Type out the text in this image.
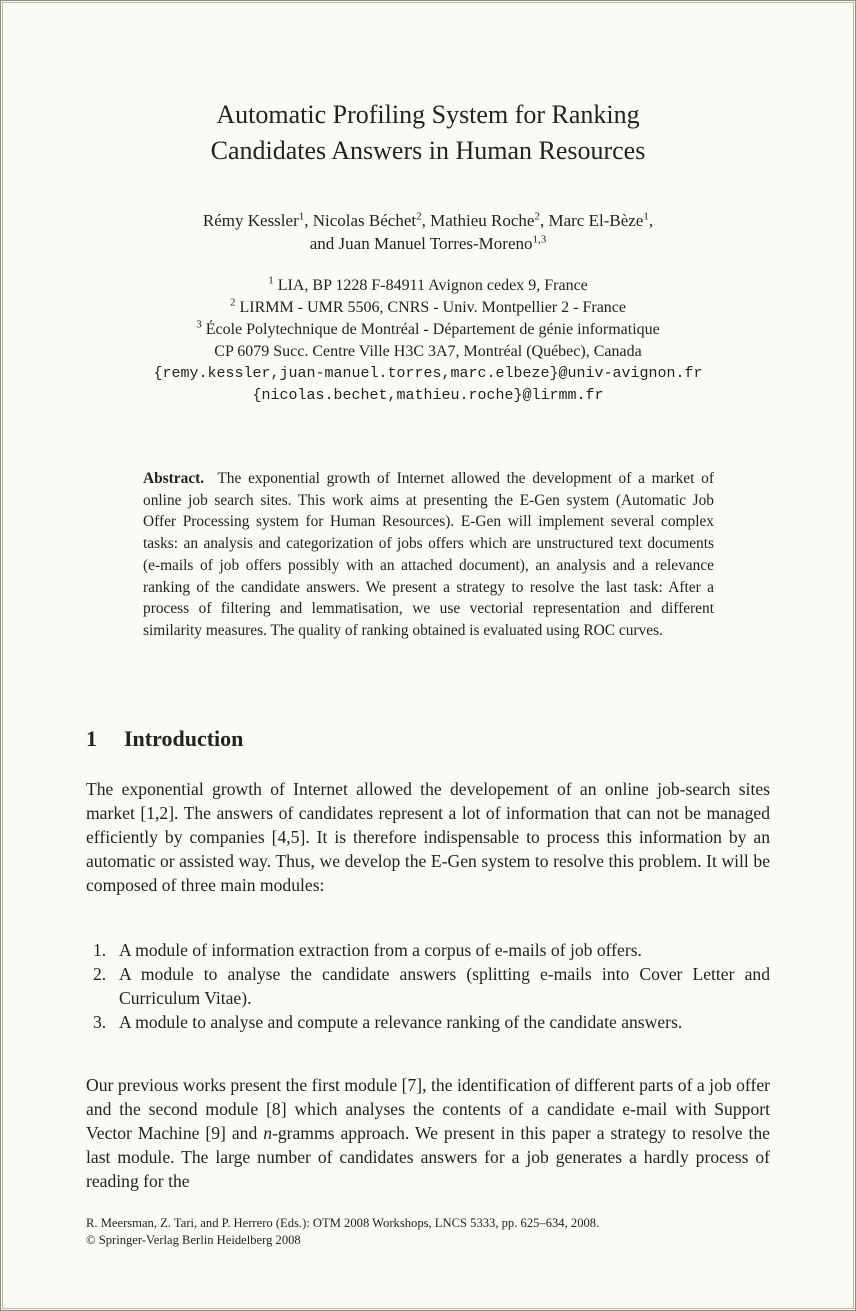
Automatic Profiling System for Ranking
Candidates Answers in Human Resources
Rémy Kessler$^1$, Nicolas Béchet$^2$, Mathieu Roche$^2$, Marc El-Bèze$^1$,
and Juan Manuel Torres-Moreno$^{1,3}$
$^1$ LIA, BP 1228 F-84911 Avignon cedex 9, France
$^2$ LIRMM - UMR 5506, CNRS - Univ. Montpellier 2 - France
$^3$ École Polytechnique de Montréal - Département de génie informatique
CP 6079 Succ. Centre Ville H3C 3A7, Montréal (Québec), Canada
{remy.kessler,juan-manuel.torres,marc.elbeze}@univ-avignon.fr
{nicolas.bechet,mathieu.roche}@lirmm.fr
Abstract. The exponential growth of Internet allowed the development of a market of online job search sites. This work aims at presenting the E-Gen system (Automatic Job Offer Processing system for Human Resources). E-Gen will implement several complex tasks: an analysis and categorization of jobs offers which are unstructured text documents (e-mails of job offers possibly with an attached document), an analysis and a relevance ranking of the candidate answers. We present a strategy to resolve the last task: After a process of filtering and lemmatisation, we use vectorial representation and different similarity measures. The quality of ranking obtained is evaluated using ROC curves.
1 Introduction
The exponential growth of Internet allowed the developement of an online job-search sites market [1,2]. The answers of candidates represent a lot of information that can not be managed efficiently by companies [4,5]. It is therefore indispensable to process this information by an automatic or assisted way. Thus, we develop the E-Gen system to resolve this problem. It will be composed of three main modules:
1. A module of information extraction from a corpus of e-mails of job offers.
2. A module to analyse the candidate answers (splitting e-mails into Cover Letter and Curriculum Vitae).
3. A module to analyse and compute a relevance ranking of the candidate answers.
Our previous works present the first module [7], the identification of different parts of a job offer and the second module [8] which analyses the contents of a candidate e-mail with Support Vector Machine [9] and n-gramms approach. We present in this paper a strategy to resolve the last module. The large number of candidates answers for a job generates a hardly process of reading for the
R. Meersman, Z. Tari, and P. Herrero (Eds.): OTM 2008 Workshops, LNCS 5333, pp. 625–634, 2008.
© Springer-Verlag Berlin Heidelberg 2008
